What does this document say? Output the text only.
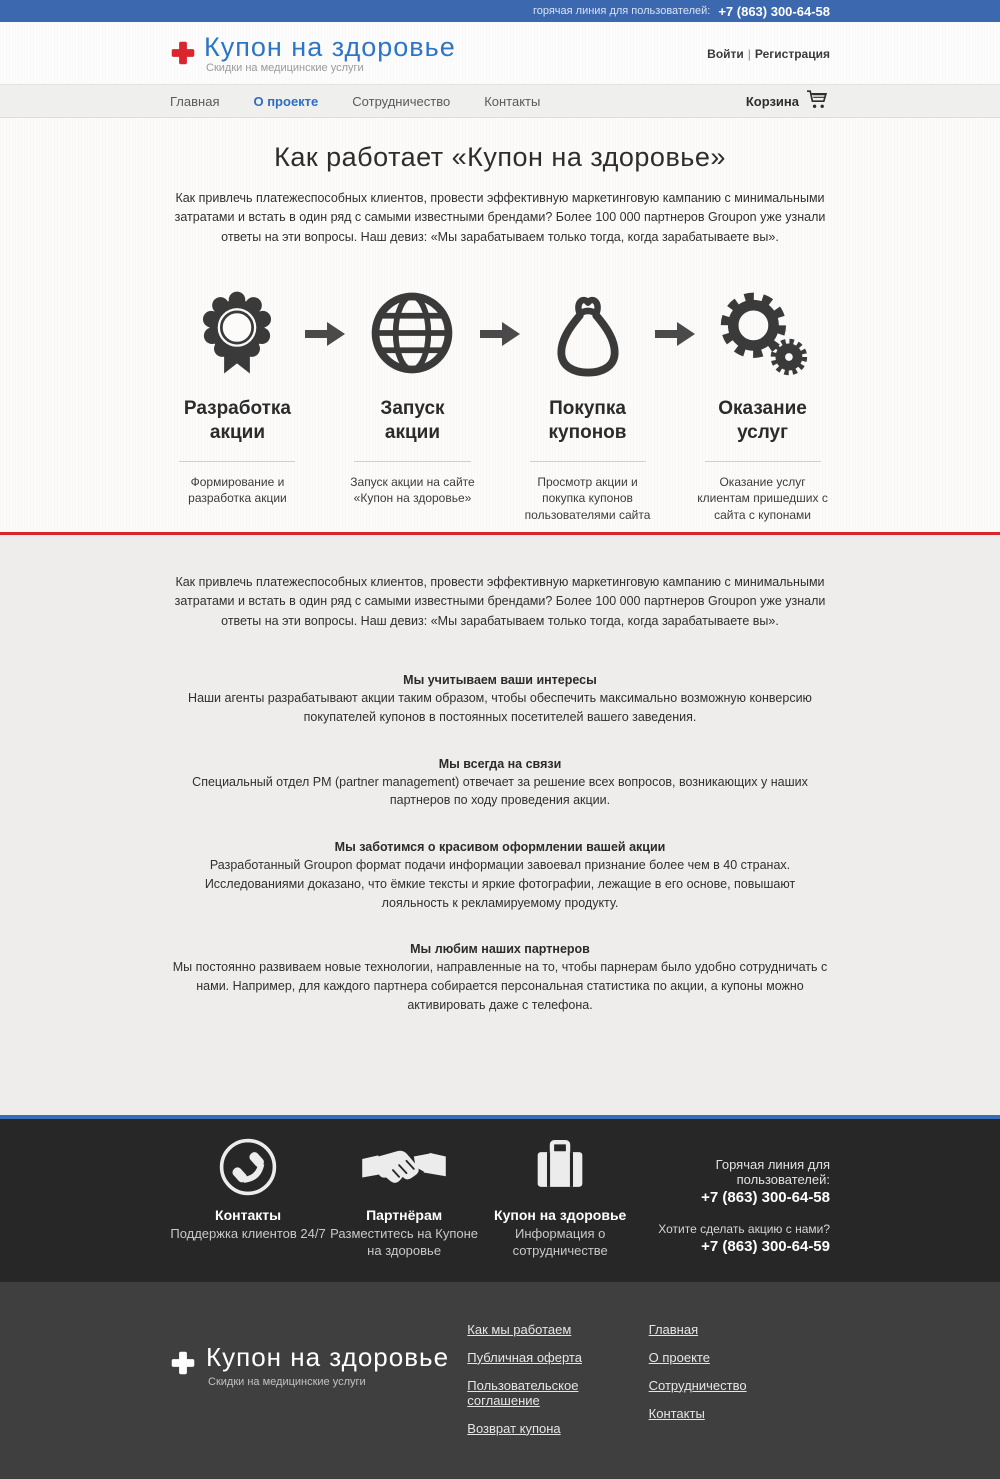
горячая линия для пользователей: +7 (863) 300-64-58
Купон на здоровье
Скидки на медицинские услуги
Войти | Регистрация
Главная	О проекте	Сотрудничество	Контакты	Корзина
Как работает «Купон на здоровье»

Как привлечь платежеспособных клиентов, провести эффективную маркетинговую кампанию с минимальными затратами и встать в один ряд с самыми известными брендами? Более 100 000 партнеров Groupon уже узнали ответы на эти вопросы. Наш девиз: «Мы зарабатываем только тогда, когда зарабатываете вы».

Разработка акции
Формирование и разработка акции
Запуск акции
Запуск акции на сайте «Купон на здоровье»
Покупка купонов
Просмотр акции и покупка купонов пользователями сайта
Оказание услуг
Оказание услуг клиентам пришедших с сайта с купонами

Как привлечь платежеспособных клиентов, провести эффективную маркетинговую кампанию с минимальными затратами и встать в один ряд с самыми известными брендами? Более 100 000 партнеров Groupon уже узнали ответы на эти вопросы. Наш девиз: «Мы зарабатываем только тогда, когда зарабатываете вы».

Мы учитываем ваши интересы
Наши агенты разрабатывают акции таким образом, чтобы обеспечить максимально возможную конверсию покупателей купонов в постоянных посетителей вашего заведения.
Мы всегда на связи
Специальный отдел PM (partner management) отвечает за решение всех вопросов, возникающих у наших партнеров по ходу проведения акции.
Мы заботимся о красивом оформлении вашей акции
Разработанный Groupon формат подачи информации завоевал признание более чем в 40 странах. Исследованиями доказано, что ёмкие тексты и яркие фотографии, лежащие в его основе, повышают лояльность к рекламируемому продукту.
Мы любим наших партнеров
Мы постоянно развиваем новые технологии, направленные на то, чтобы парнерам было удобно сотрудничать с нами. Например, для каждого партнера собирается персональная статистика по акции, а купоны можно активировать даже с телефона.
Контакты
Поддержка клиентов 24/7
Партнёрам
Разместитесь на Купоне на здоровье
Купон на здоровье
Информация о сотрудничестве
Горячая линия для пользователей:
+7 (863) 300-64-58
Хотите сделать акцию с нами?
+7 (863) 300-64-59
Купон на здоровье
Скидки на медицинские услуги
Как мы работаем
Публичная оферта
Пользовательское соглашение
Возврат купона
Главная
О проекте
Сотрудничество
Контакты
